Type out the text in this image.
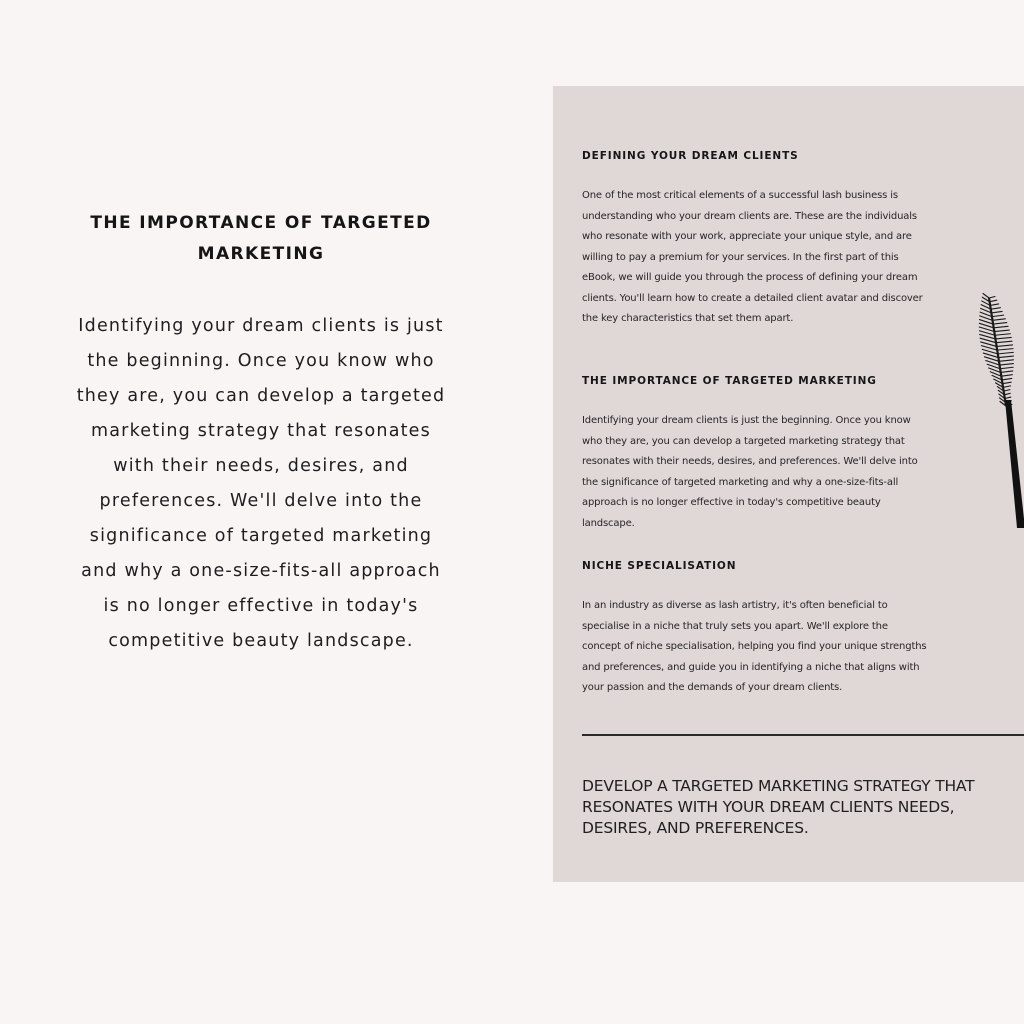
THE IMPORTANCE OF TARGETED MARKETING

Identifying your dream clients is just the beginning. Once you know who they are, you can develop a targeted marketing strategy that resonates with their needs, desires, and preferences. We'll delve into the significance of targeted marketing and why a one-size-fits-all approach is no longer effective in today's competitive beauty landscape.

DEFINING YOUR DREAM CLIENTS

One of the most critical elements of a successful lash business is understanding who your dream clients are. These are the individuals who resonate with your work, appreciate your unique style, and are willing to pay a premium for your services. In the first part of this eBook, we will guide you through the process of defining your dream clients. You'll learn how to create a detailed client avatar and discover the key characteristics that set them apart.

THE IMPORTANCE OF TARGETED MARKETING

Identifying your dream clients is just the beginning. Once you know who they are, you can develop a targeted marketing strategy that resonates with their needs, desires, and preferences. We'll delve into the significance of targeted marketing and why a one-size-fits-all approach is no longer effective in today's competitive beauty landscape.

NICHE SPECIALISATION

In an industry as diverse as lash artistry, it's often beneficial to specialise in a niche that truly sets you apart. We'll explore the concept of niche specialisation, helping you find your unique strengths and preferences, and guide you in identifying a niche that aligns with your passion and the demands of your dream clients.

DEVELOP A TARGETED MARKETING STRATEGY THAT RESONATES WITH YOUR DREAM CLIENTS NEEDS, DESIRES, AND PREFERENCES.
